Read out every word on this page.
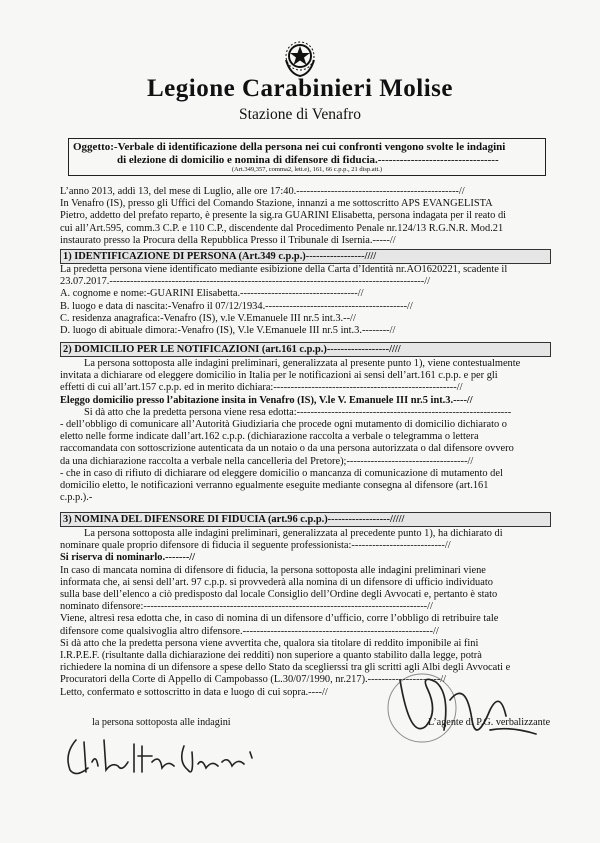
Legione Carabinieri Molise
Stazione di Venafro
Oggetto:-Verbale di identificazione della persona nei cui confronti vengono svolte le indagini
di elezione di domicilio e nomina di difensore di fiducia.---------------------------------
(Art.349,357, comma2, lett.e), 161, 66 c.p.p., 21 disp.att.)
L’anno 2013, addì 13, del mese di Luglio, alle ore 17:40.-----------------------------------------------//
In Venafro (IS), presso gli Uffici del Comando Stazione, innanzi a me sottoscritto APS EVANGELISTA
Pietro, addetto del prefato reparto, è presente la sig.ra GUARINI Elisabetta, persona indagata per il reato di
cui all’Art.595, comm.3 C.P. e 110 C.P., discendente dal Procedimento Penale nr.124/13 R.G.N.R. Mod.21
instaurato presso la Procura della Repubblica Presso il Tribunale di Isernia.-----//
1) IDENTIFICAZIONE DI PERSONA (Art.349 c.p.p.)-----------------////
La predetta persona viene identificato mediante esibizione della Carta d’Identità nr.AO1620221, scadente il
23.07.2017.-------------------------------------------------------------------------------------------//
A. cognome e nome:-GUARINI Elisabetta.----------------------------------//
B. luogo e data di nascita:-Venafro il 07/12/1934.-----------------------------------------//
C. residenza anagrafica:-Venafro (IS), v.le V.Emanuele III nr.5 int.3.--//
D. luogo di abituale dimora:-Venafro (IS), V.le V.Emanuele III nr.5 int.3.--------//
2) DOMICILIO PER LE NOTIFICAZIONI (art.161 c.p.p.)------------------////
La persona sottoposta alle indagini preliminari, generalizzata al presente punto 1), viene contestualmente
invitata a dichiarare od eleggere domicilio in Italia per le notificazioni ai sensi dell’art.161 c.p.p. e per gli
effetti di cui all’art.157 c.p.p. ed in merito dichiara:-----------------------------------------------------//
Eleggo domicilio presso l’abitazione insita in Venafro (IS), V.le V. Emanuele III nr.5 int.3.----//
Si dà atto che la predetta persona viene resa edotta:--------------------------------------------------------------
- dell’obbligo di comunicare all’Autorità Giudiziaria che procede ogni mutamento di domicilio dichiarato o
eletto nelle forme indicate dall’art.162 c.p.p. (dichiarazione raccolta a verbale o telegramma o lettera
raccomandata con sottoscrizione autenticata da un notaio o da una persona autorizzata o dal difensore ovvero
da una dichiarazione raccolta a verbale nella cancelleria del Pretore);-----------------------------------//
- che in caso di rifiuto di dichiarare od eleggere domicilio o mancanza di comunicazione di mutamento del
domicilio eletto, le notificazioni verranno egualmente eseguite mediante consegna al difensore (art.161
c.p.p.).-
3) NOMINA DEL DIFENSORE DI FIDUCIA (art.96 c.p.p.)------------------/////
La persona sottoposta alle indagini preliminari, generalizzata al precedente punto 1), ha dichiarato di
nominare quale proprio difensore di fiducia il seguente professionista:---------------------------//
Si riserva di nominarlo.-------//
In caso di mancata nomina di difensore di fiducia, la persona sottoposta alle indagini preliminari viene
informata che, ai sensi dell’art. 97 c.p.p. si provvederà alla nomina di un difensore di ufficio individuato
sulla base dell’elenco a ciò predisposto dal locale Consiglio dell’Ordine degli Avvocati e, pertanto è stato
nominato difensore:----------------------------------------------------------------------------------//
Viene, altresì resa edotta che, in caso di nomina di un difensore d’ufficio, corre l’obbligo di retribuire tale
difensore come qualsivoglia altro difensore.-------------------------------------------------------//
Si dà atto che la predetta persona viene avvertita che, qualora sia titolare di reddito imponibile ai fini
I.R.P.E.F. (risultante dalla dichiarazione dei redditi) non superiore a quanto stabilito dalla legge, potrà
richiedere la nomina di un difensore a spese dello Stato da sceglierssi tra gli scritti agli Albi degli Avvocati e
Procuratori della Corte di Appello di Campobasso (L.30/07/1990, nr.217).---------------------//
Letto, confermato e sottoscritto in data e luogo di cui sopra.----//
la persona sottoposta alle indagini	L’agente di P.G. verbalizzante
